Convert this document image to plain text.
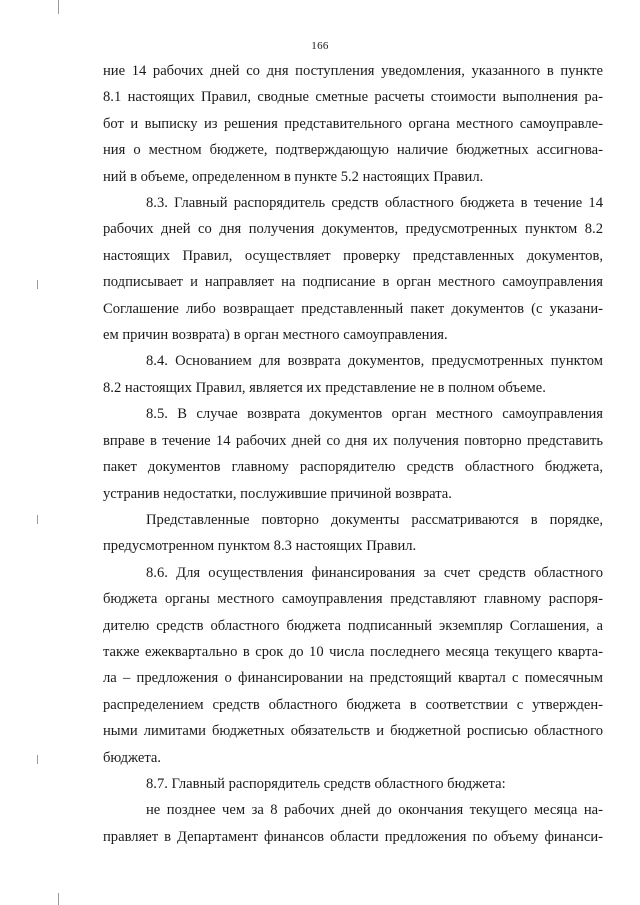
166
ние 14 рабочих дней со дня поступления уведомления, указанного в пункте
8.1 настоящих Правил, сводные сметные расчеты стоимости выполнения ра-
бот и выписку из решения представительного органа местного самоуправле-
ния о местном бюджете, подтверждающую наличие бюджетных ассигнова-
ний в объеме, определенном в пункте 5.2 настоящих Правил.
8.3. Главный распорядитель средств областного бюджета в течение 14
рабочих дней со дня получения документов, предусмотренных пунктом 8.2
настоящих Правил, осуществляет проверку представленных документов,
подписывает и направляет на подписание в орган местного самоуправления
Соглашение либо возвращает представленный пакет документов (с указани-
ем причин возврата) в орган местного самоуправления.
8.4. Основанием для возврата документов, предусмотренных пунктом
8.2 настоящих Правил, является их представление не в полном объеме.
8.5. В случае возврата документов орган местного самоуправления
вправе в течение 14 рабочих дней со дня их получения повторно представить
пакет документов главному распорядителю средств областного бюджета,
устранив недостатки, послужившие причиной возврата.
Представленные повторно документы рассматриваются в порядке,
предусмотренном пунктом 8.3 настоящих Правил.
8.6. Для осуществления финансирования за счет средств областного
бюджета органы местного самоуправления представляют главному распоря-
дителю средств областного бюджета подписанный экземпляр Соглашения, а
также ежеквартально в срок до 10 числа последнего месяца текущего кварта-
ла – предложения о финансировании на предстоящий квартал с помесячным
распределением средств областного бюджета в соответствии с утвержден-
ными лимитами бюджетных обязательств и бюджетной росписью областного
бюджета.
8.7. Главный распорядитель средств областного бюджета:
не позднее чем за 8 рабочих дней до окончания текущего месяца на-
правляет в Департамент финансов области предложения по объему финанси-
